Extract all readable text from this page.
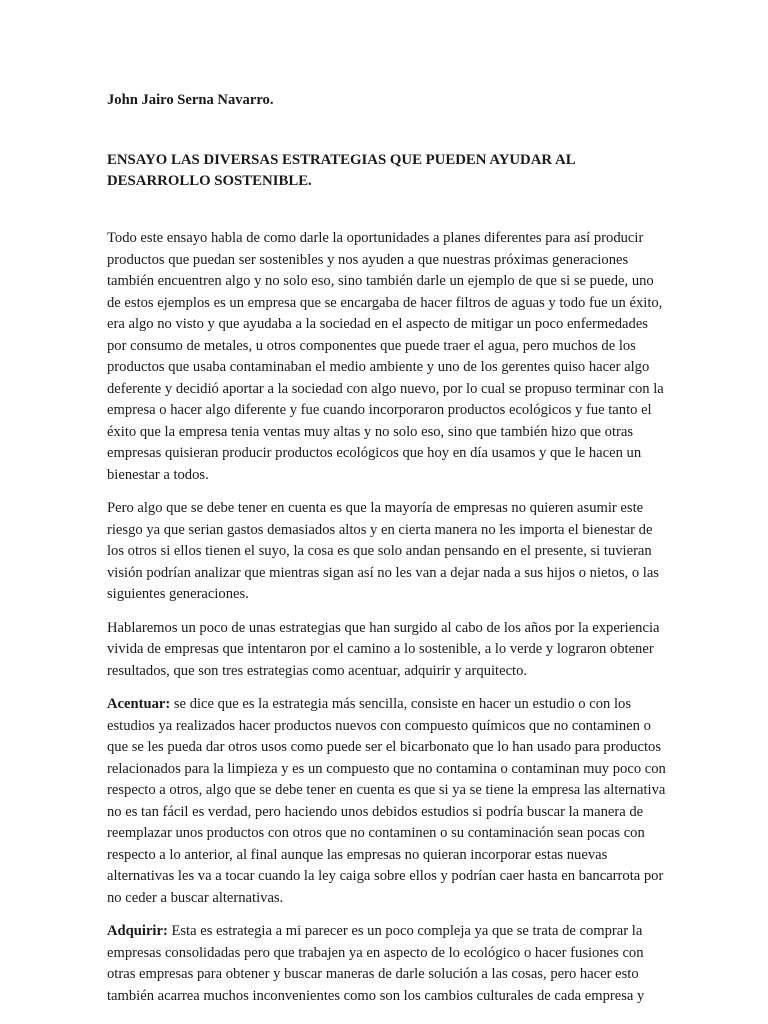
John Jairo Serna Navarro.

ENSAYO LAS DIVERSAS ESTRATEGIAS QUE PUEDEN AYUDAR AL DESARROLLO SOSTENIBLE.

Todo este ensayo habla de como darle la oportunidades a planes diferentes para así producir productos que puedan ser sostenibles y nos ayuden a que nuestras próximas generaciones también encuentren algo y no solo eso, sino también darle un ejemplo de que si se puede, uno de estos ejemplos es un empresa que se encargaba de hacer filtros de aguas y todo fue un éxito, era algo no visto y que ayudaba a la sociedad en el aspecto de mitigar un poco enfermedades por consumo de metales, u otros componentes que puede traer el agua, pero muchos de los productos que usaba contaminaban el medio ambiente y uno de los gerentes quiso hacer algo deferente y decidió aportar a la sociedad con algo nuevo, por lo cual se propuso terminar con la empresa o hacer algo diferente y fue cuando incorporaron productos ecológicos y fue tanto el éxito que la empresa tenia ventas muy altas y no solo eso, sino que también hizo que otras empresas quisieran producir productos ecológicos que hoy en día usamos y que le hacen un bienestar a todos.

Pero algo que se debe tener en cuenta es que la mayoría de empresas no quieren asumir este riesgo ya que serian gastos demasiados altos y en cierta manera no les importa el bienestar de los otros si ellos tienen el suyo, la cosa es que solo andan pensando en el presente, si tuvieran visión podrían analizar que mientras sigan así no les van a dejar nada a sus hijos o nietos, o las siguientes generaciones.

Hablaremos un poco de unas estrategias que han surgido al cabo de los años por la experiencia vivida de empresas que intentaron por el camino a lo sostenible, a lo verde y lograron obtener resultados, que son tres estrategias como acentuar, adquirir y arquitecto.

Acentuar: se dice que es la estrategia más sencilla, consiste en hacer un estudio o con los estudios ya realizados hacer productos nuevos con compuesto químicos que no contaminen o que se les pueda dar otros usos como puede ser el bicarbonato que lo han usado para productos relacionados para la limpieza y es un compuesto que no contamina o contaminan muy poco con respecto a otros, algo que se debe tener en cuenta es que si ya se tiene la empresa las alternativa no es tan fácil es verdad, pero haciendo unos debidos estudios si podría buscar la manera de reemplazar unos productos con otros que no contaminen o su contaminación sean pocas con respecto a lo anterior, al final aunque las empresas no quieran incorporar estas nuevas alternativas les va a tocar cuando la ley caiga sobre ellos y podrían caer hasta en bancarrota por no ceder a buscar alternativas.

Adquirir: Esta es estrategia a mi parecer es un poco compleja ya que se trata de comprar la empresas consolidadas pero que trabajen ya en aspecto de lo ecológico o hacer fusiones con otras empresas para obtener y buscar maneras de darle solución a las cosas, pero hacer esto también acarrea muchos inconvenientes como son los cambios culturales de cada empresa y
